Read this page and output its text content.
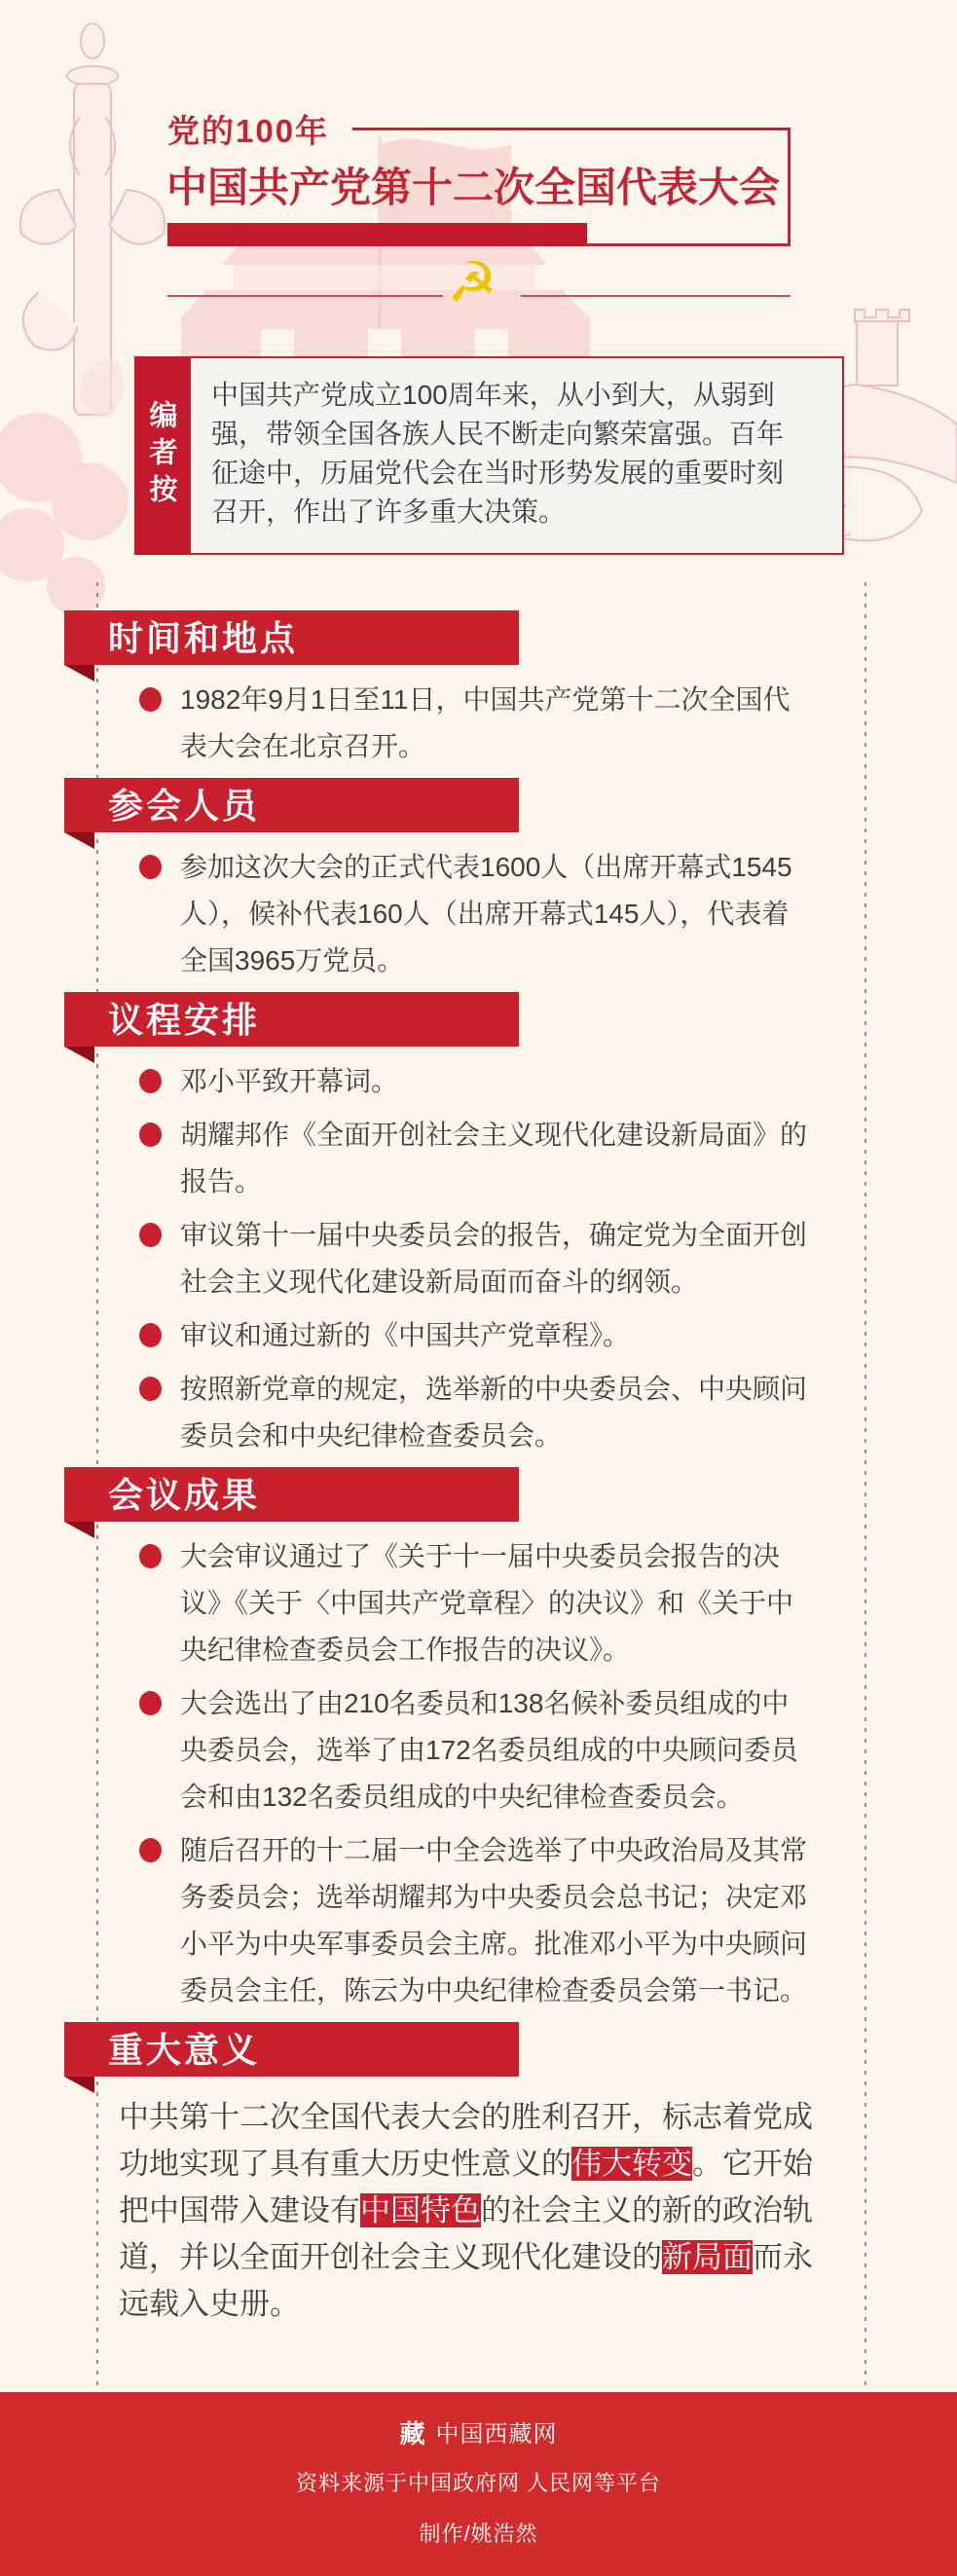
党的100年
中国共产党第十二次全国代表大会
☭
编者按

中国共产党成立100周年来，从小到大，从弱到强，带领全国各族人民不断走向繁荣富强。百年征途中，历届党代会在当时形势发展的重要时刻召开，作出了许多重大决策。

时间和地点
1982年9月1日至11日，中国共产党第十二次全国代表大会在北京召开。
参会人员
参加这次大会的正式代表1600人（出席开幕式1545人），候补代表160人（出席开幕式145人），代表着全国3965万党员。
议程安排
邓小平致开幕词。
胡耀邦作《全面开创社会主义现代化建设新局面》的报告。
审议第十一届中央委员会的报告，确定党为全面开创社会主义现代化建设新局面而奋斗的纲领。
审议和通过新的《中国共产党章程》。
按照新党章的规定，选举新的中央委员会、中央顾问委员会和中央纪律检查委员会。
会议成果
大会审议通过了《关于十一届中央委员会报告的决议》《关于〈中国共产党章程〉的决议》和《关于中央纪律检查委员会工作报告的决议》。
大会选出了由210名委员和138名候补委员组成的中央委员会，选举了由172名委员组成的中央顾问委员会和由132名委员组成的中央纪律检查委员会。
随后召开的十二届一中全会选举了中央政治局及其常务委员会；选举胡耀邦为中央委员会总书记；决定邓小平为中央军事委员会主席。批准邓小平为中央顾问委员会主任，陈云为中央纪律检查委员会第一书记。
重大意义

中共第十二次全国代表大会的胜利召开，标志着党成功地实现了具有重大历史性意义的伟大转变。它开始把中国带入建设有中国特色的社会主义的新的政治轨道，并以全面开创社会主义现代化建设的新局面而永远载入史册。

藏 中国西藏网
资料来源于中国政府网 人民网等平台
制作/姚浩然
